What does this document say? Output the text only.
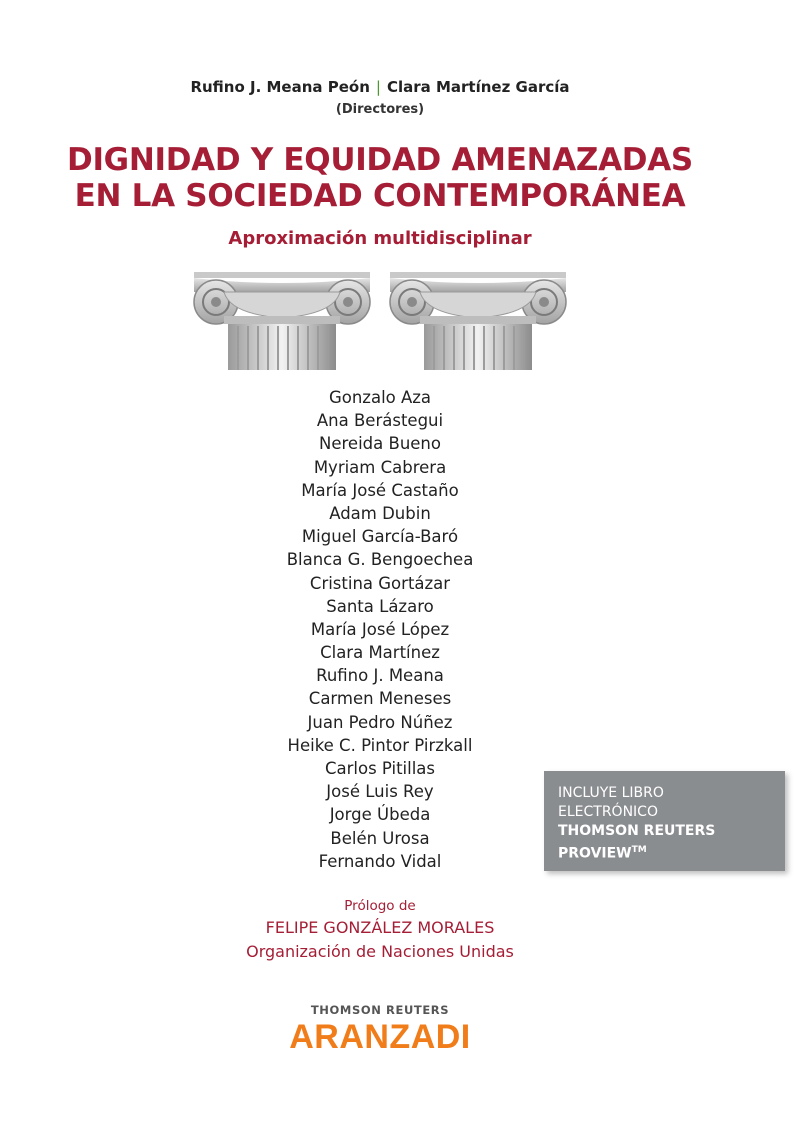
Rufino J. Meana Peón | Clara Martínez García
(Directores)
DIGNIDAD Y EQUIDAD AMENAZADAS
EN LA SOCIEDAD CONTEMPORÁNEA
Aproximación multidisciplinar
Gonzalo Aza
Ana Berástegui
Nereida Bueno
Myriam Cabrera
María José Castaño
Adam Dubin
Miguel García-Baró
Blanca G. Bengoechea
Cristina Gortázar
Santa Lázaro
María José López
Clara Martínez
Rufino J. Meana
Carmen Meneses
Juan Pedro Núñez
Heike C. Pintor Pirzkall
Carlos Pitillas
José Luis Rey
Jorge Úbeda
Belén Urosa
Fernando Vidal
INCLUYE LIBRO
ELECTRÓNICO
THOMSON REUTERS
PROVIEW™
Prólogo de
FELIPE GONZÁLEZ MORALES
Organización de Naciones Unidas
THOMSON REUTERS
ARANZADI
